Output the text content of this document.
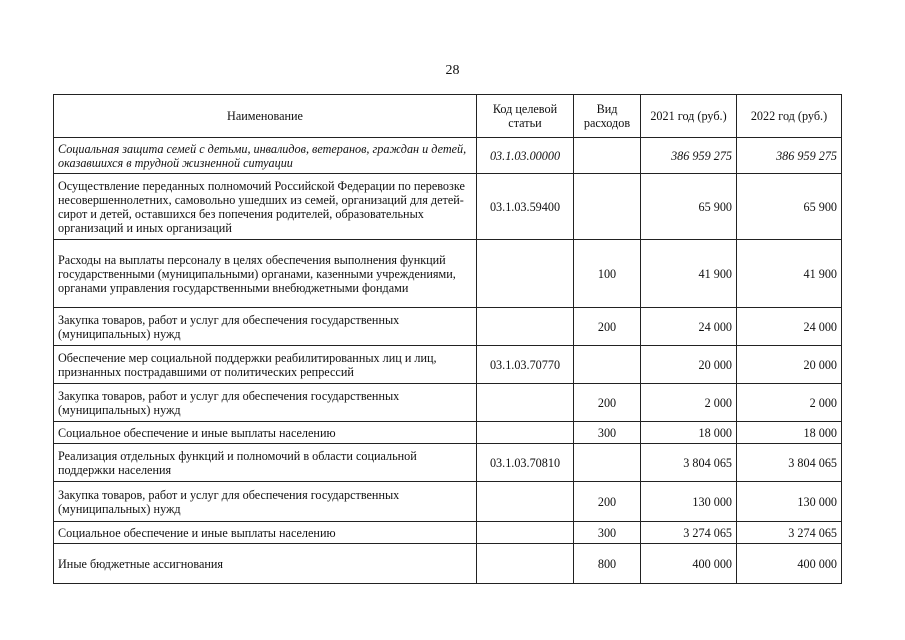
28
Наименование	Код целевой статьи	Вид расходов	2021 год (руб.)	2022 год (руб.)
Социальная защита семей с детьми, инвалидов, ветеранов, граждан и детей, оказавшихся в трудной жизненной ситуации	03.1.03.00000		386 959 275	386 959 275
Осуществление переданных полномочий Российской Федерации по перевозке несовершеннолетних, самовольно ушедших из семей, организаций для детей-сирот и детей, оставшихся без попечения родителей, образовательных организаций и иных организаций	03.1.03.59400		65 900	65 900
Расходы на выплаты персоналу в целях обеспечения выполнения функций государственными (муниципальными) органами, казенными учреждениями, органами управления государственными внебюджетными фондами		100	41 900	41 900
Закупка товаров, работ и услуг для обеспечения государственных (муниципальных) нужд		200	24 000	24 000
Обеспечение мер социальной поддержки реабилитированных лиц и лиц, признанных пострадавшими от политических репрессий	03.1.03.70770		20 000	20 000
Закупка товаров, работ и услуг для обеспечения государственных (муниципальных) нужд		200	2 000	2 000
Социальное обеспечение и иные выплаты населению		300	18 000	18 000
Реализация отдельных функций и полномочий в области социальной поддержки населения	03.1.03.70810		3 804 065	3 804 065
Закупка товаров, работ и услуг для обеспечения государственных (муниципальных) нужд		200	130 000	130 000
Социальное обеспечение и иные выплаты населению		300	3 274 065	3 274 065
Иные бюджетные ассигнования		800	400 000	400 000
